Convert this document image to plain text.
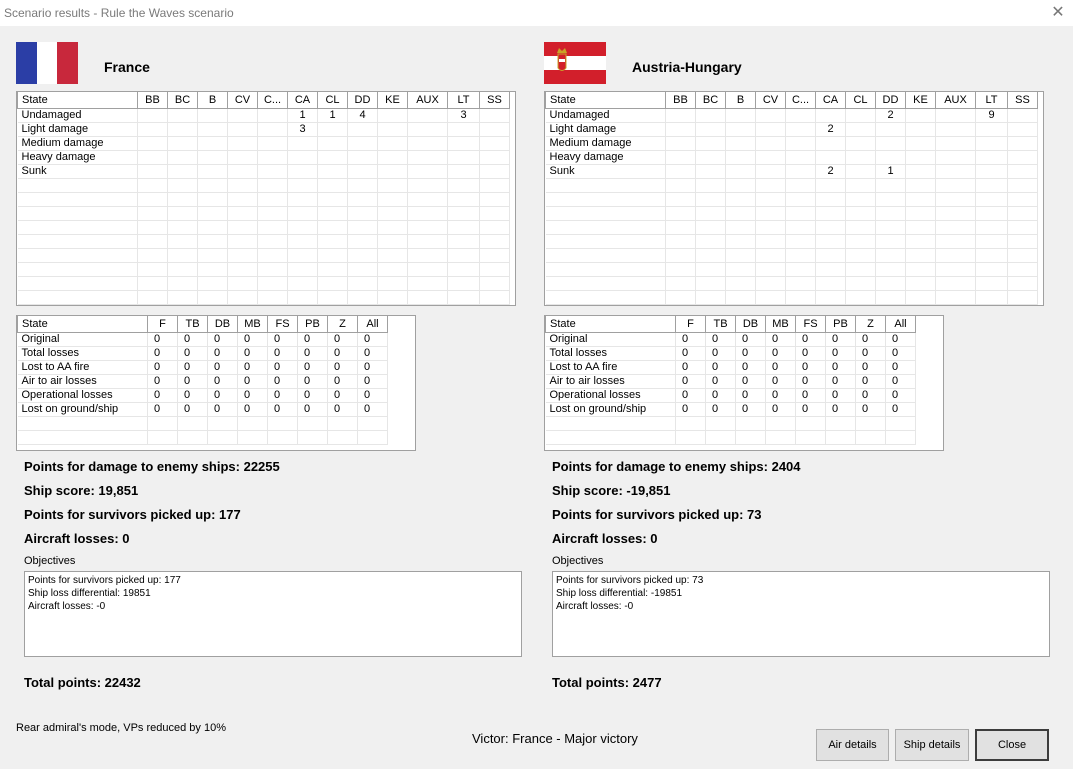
Scenario results - Rule the Waves scenario	✕
France	Austria-Hungary
State	BB	BC	B	CV	C...	CA	CL	DD	KE	AUX	LT	SS
Undamaged						1	1	4			3	
Light damage						3						
Medium damage												
Heavy damage												
Sunk												

State	BB	BC	B	CV	C...	CA	CL	DD	KE	AUX	LT	SS
Undamaged								2			9	
Light damage						2						
Medium damage												
Heavy damage												
Sunk						2		1				

State	F	TB	DB	MB	FS	PB	Z	All
Original	0	0	0	0	0	0	0	0
Total losses	0	0	0	0	0	0	0	0
Lost to AA fire	0	0	0	0	0	0	0	0
Air to air losses	0	0	0	0	0	0	0	0
Operational losses	0	0	0	0	0	0	0	0
Lost on ground/ship	0	0	0	0	0	0	0	0

State	F	TB	DB	MB	FS	PB	Z	All
Original	0	0	0	0	0	0	0	0
Total losses	0	0	0	0	0	0	0	0
Lost to AA fire	0	0	0	0	0	0	0	0
Air to air losses	0	0	0	0	0	0	0	0
Operational losses	0	0	0	0	0	0	0	0
Lost on ground/ship	0	0	0	0	0	0	0	0

Points for damage to enemy ships: 22255
Ship score: 19,851
Points for survivors picked up: 177
Aircraft losses: 0
Objectives
Points for survivors picked up: 177
Ship loss differential: 19851
Aircraft losses: -0
Total points: 22432
Points for damage to enemy ships: 2404
Ship score: -19,851
Points for survivors picked up: 73
Aircraft losses: 0
Objectives
Points for survivors picked up: 73
Ship loss differential: -19851
Aircraft losses: -0
Total points: 2477
Rear admiral's mode, VPs reduced by 10%
Victor: France - Major victory	Air details	Ship details	Close
